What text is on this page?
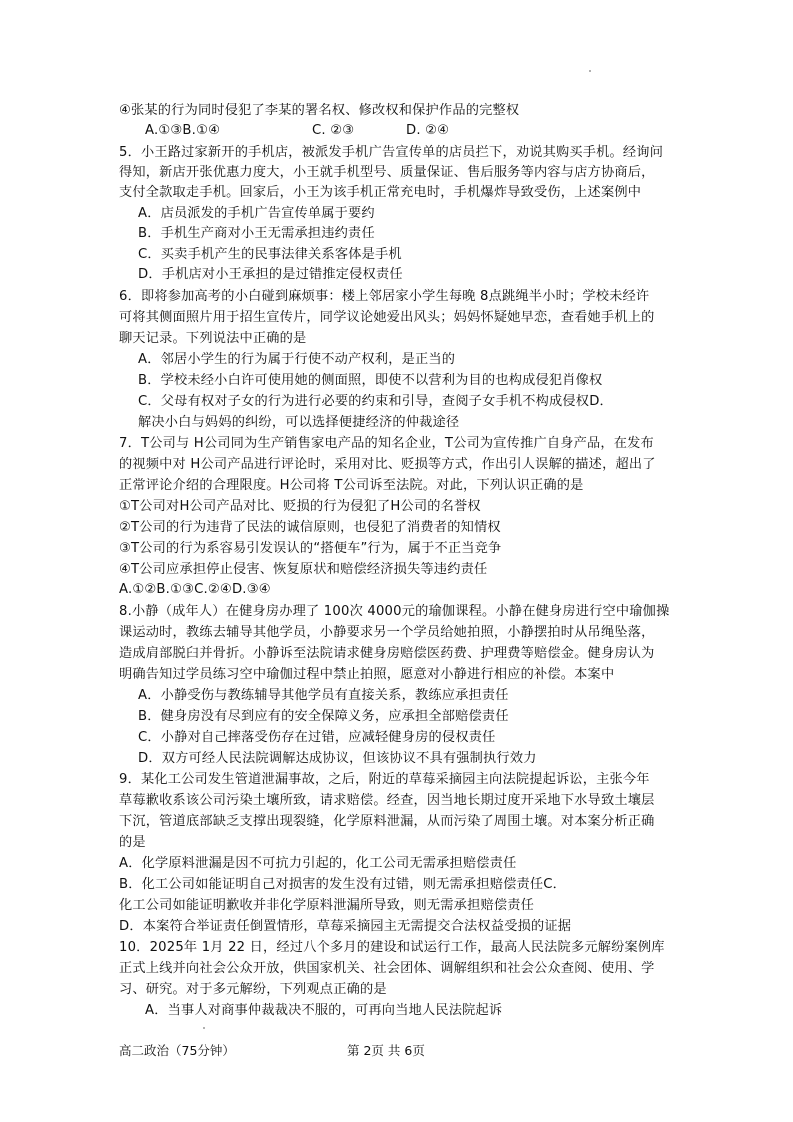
④张某的行为同时侵犯了李某的署名权、修改权和保护作品的完整权
A.①③B.①④	C. ②③	D. ②④
5．小王路过家新开的手机店，被派发手机广告宣传单的店员拦下，劝说其购买手机。经询问
得知，新店开张优惠力度大，小王就手机型号、质量保证、售后服务等内容与店方协商后，
支付全款取走手机。回家后，小王为该手机正常充电时，手机爆炸导致受伤，上述案例中
A．店员派发的手机广告宣传单属于要约
B．手机生产商对小王无需承担违约责任
C．买卖手机产生的民事法律关系客体是手机
D．手机店对小王承担的是过错推定侵权责任
6．即将参加高考的小白碰到麻烦事：楼上邻居家小学生每晚 8点跳绳半小时；学校未经许
可将其侧面照片用于招生宣传片，同学议论她爱出风头；妈妈怀疑她早恋，查看她手机上的
聊天记录。下列说法中正确的是
A．邻居小学生的行为属于行使不动产权利，是正当的
B．学校未经小白许可使用她的侧面照，即使不以营利为目的也构成侵犯肖像权
C．父母有权对子女的行为进行必要的约束和引导，查阅子女手机不构成侵权D．
解决小白与妈妈的纠纷，可以选择便捷经济的仲裁途径
7．T公司与 H公司同为生产销售家电产品的知名企业，T公司为宣传推广自身产品，在发布
的视频中对 H公司产品进行评论时，采用对比、贬损等方式，作出引人误解的描述，超出了
正常评论介绍的合理限度。H公司将 T公司诉至法院。对此，下列认识正确的是
①T公司对H公司产品对比、贬损的行为侵犯了H公司的名誉权
②T公司的行为违背了民法的诚信原则，也侵犯了消费者的知情权
③T公司的行为系容易引发误认的“搭便车”行为，属于不正当竞争
④T公司应承担停止侵害、恢复原状和赔偿经济损失等违约责任
A.①②B.①③C.②④D.③④
8.小静（成年人）在健身房办理了 100次 4000元的瑜伽课程。小静在健身房进行空中瑜伽操
课运动时，教练去辅导其他学员，小静要求另一个学员给她拍照，小静摆拍时从吊绳坠落，
造成肩部脱臼并骨折。小静诉至法院请求健身房赔偿医药费、护理费等赔偿金。健身房认为
明确告知过学员练习空中瑜伽过程中禁止拍照，愿意对小静进行相应的补偿。本案中
A．小静受伤与教练辅导其他学员有直接关系，教练应承担责任
B．健身房没有尽到应有的安全保障义务，应承担全部赔偿责任
C．小静对自己摔落受伤存在过错，应减轻健身房的侵权责任
D．双方可经人民法院调解达成协议，但该协议不具有强制执行效力
9．某化工公司发生管道泄漏事故，之后，附近的草莓采摘园主向法院提起诉讼，主张今年
草莓歉收系该公司污染土壤所致，请求赔偿。经查，因当地长期过度开采地下水导致土壤层
下沉，管道底部缺乏支撑出现裂缝，化学原料泄漏，从而污染了周围土壤。对本案分析正确
的是
A．化学原料泄漏是因不可抗力引起的，化工公司无需承担赔偿责任
B．化工公司如能证明自己对损害的发生没有过错，则无需承担赔偿责任C．
化工公司如能证明歉收并非化学原料泄漏所导致，则无需承担赔偿责任
D．本案符合举证责任倒置情形，草莓采摘园主无需提交合法权益受损的证据
10．2025年 1月 22 日，经过八个多月的建设和试运行工作，最高人民法院多元解纷案例库
正式上线并向社会公众开放，供国家机关、社会团体、调解组织和社会公众查阅、使用、学
习、研究。对于多元解纷，下列观点正确的是
A．当事人对商事仲裁裁决不服的，可再向当地人民法院起诉
高二政治（75分钟）	第 2页 共 6页
